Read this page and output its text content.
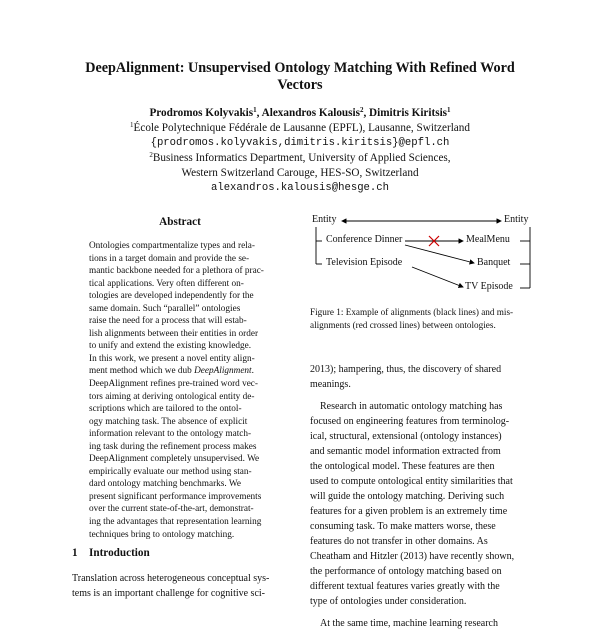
DeepAlignment: Unsupervised Ontology Matching With Refined Word
Vectors
Prodromos Kolyvakis$^1$, Alexandros Kalousis$^2$, Dimitris Kiritsis$^1$
$^1$École Polytechnique Fédérale de Lausanne (EPFL), Lausanne, Switzerland
{prodromos.kolyvakis,dimitris.kiritsis}@epfl.ch
$^2$Business Informatics Department, University of Applied Sciences,
Western Switzerland Carouge, HES-SO, Switzerland
alexandros.kalousis@hesge.ch
Abstract
Ontologies compartmentalize types and rela-
tions in a target domain and provide the se-
mantic backbone needed for a plethora of prac-
tical applications. Very often different on-
tologies are developed independently for the
same domain. Such “parallel” ontologies
raise the need for a process that will estab-
lish alignments between their entities in order
to unify and extend the existing knowledge.
In this work, we present a novel entity align-
ment method which we dub DeepAlignment.
DeepAlignment refines pre-trained word vec-
tors aiming at deriving ontological entity de-
scriptions which are tailored to the ontol-
ogy matching task. The absence of explicit
information relevant to the ontology match-
ing task during the refinement process makes
DeepAlignment completely unsupervised. We
empirically evaluate our method using stan-
dard ontology matching benchmarks. We
present significant performance improvements
over the current state-of-the-art, demonstrat-
ing the advantages that representation learning
techniques bring to ontology matching.
1 Introduction
Translation across heterogeneous conceptual sys-
tems is an important challenge for cognitive sci-
Entity	Entity
Conference Dinner
Television Episode
MealMenu
Banquet
TV Episode
Figure 1: Example of alignments (black lines) and mis-
alignments (red crossed lines) between ontologies.
2013); hampering, thus, the discovery of shared
meanings.
Research in automatic ontology matching has
focused on engineering features from terminolog-
ical, structural, extensional (ontology instances)
and semantic model information extracted from
the ontological model. These features are then
used to compute ontological entity similarities that
will guide the ontology matching. Deriving such
features for a given problem is an extremely time
consuming task. To make matters worse, these
features do not transfer in other domains. As
Cheatham and Hitzler (2013) have recently shown,
the performance of ontology matching based on
different textual features varies greatly with the
type of ontologies under consideration.
At the same time, machine learning research
